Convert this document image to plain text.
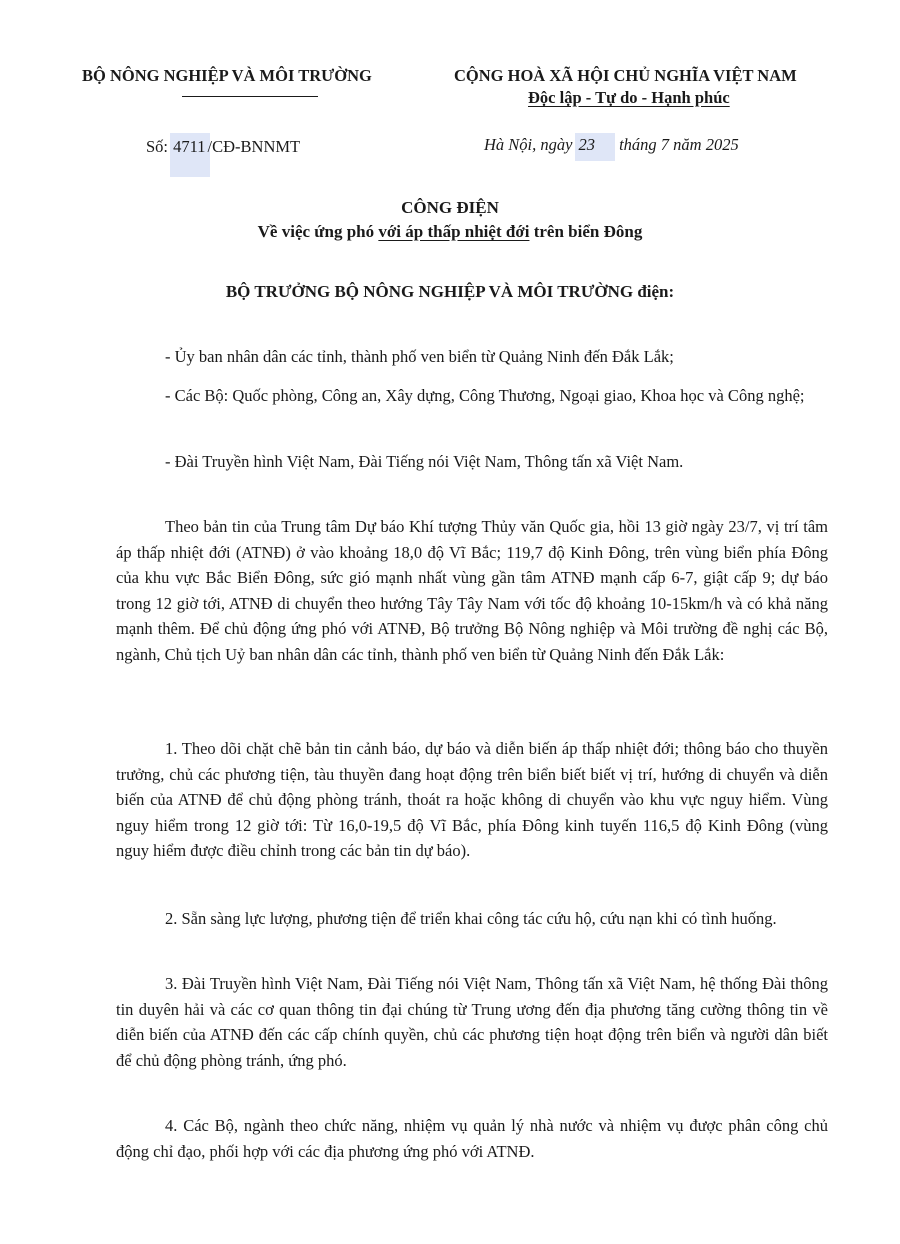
BỘ NÔNG NGHIỆP VÀ MÔI TRƯỜNG	CỘNG HOÀ XÃ HỘI CHỦ NGHĨA VIỆT NAM
Độc lập - Tự do - Hạnh phúc
Số: 4711 /CĐ-BNNMT	Hà Nội, ngày 23 tháng 7 năm 2025
CÔNG ĐIỆN
Về việc ứng phó với áp thấp nhiệt đới trên biển Đông
BỘ TRƯỞNG BỘ NÔNG NGHIỆP VÀ MÔI TRƯỜNG điện:
- Ủy ban nhân dân các tỉnh, thành phố ven biển từ Quảng Ninh đến Đắk Lắk;
- Các Bộ: Quốc phòng, Công an, Xây dựng, Công Thương, Ngoại giao, Khoa học và Công nghệ;
- Đài Truyền hình Việt Nam, Đài Tiếng nói Việt Nam, Thông tấn xã Việt Nam.
Theo bản tin của Trung tâm Dự báo Khí tượng Thủy văn Quốc gia, hồi 13 giờ ngày 23/7, vị trí tâm áp thấp nhiệt đới (ATNĐ) ở vào khoảng 18,0 độ Vĩ Bắc; 119,7 độ Kinh Đông, trên vùng biển phía Đông của khu vực Bắc Biển Đông, sức gió mạnh nhất vùng gần tâm ATNĐ mạnh cấp 6-7, giật cấp 9; dự báo trong 12 giờ tới, ATNĐ di chuyển theo hướng Tây Tây Nam với tốc độ khoảng 10-15km/h và có khả năng mạnh thêm. Để chủ động ứng phó với ATNĐ, Bộ trưởng Bộ Nông nghiệp và Môi trường đề nghị các Bộ, ngành, Chủ tịch Uỷ ban nhân dân các tỉnh, thành phố ven biển từ Quảng Ninh đến Đắk Lắk:
1. Theo dõi chặt chẽ bản tin cảnh báo, dự báo và diễn biến áp thấp nhiệt đới; thông báo cho thuyền trưởng, chủ các phương tiện, tàu thuyền đang hoạt động trên biển biết biết vị trí, hướng di chuyển và diễn biến của ATNĐ để chủ động phòng tránh, thoát ra hoặc không di chuyển vào khu vực nguy hiểm. Vùng nguy hiểm trong 12 giờ tới: Từ 16,0-19,5 độ Vĩ Bắc, phía Đông kinh tuyến 116,5 độ Kinh Đông (vùng nguy hiểm được điều chỉnh trong các bản tin dự báo).
2. Sẵn sàng lực lượng, phương tiện để triển khai công tác cứu hộ, cứu nạn khi có tình huống.
3. Đài Truyền hình Việt Nam, Đài Tiếng nói Việt Nam, Thông tấn xã Việt Nam, hệ thống Đài thông tin duyên hải và các cơ quan thông tin đại chúng từ Trung ương đến địa phương tăng cường thông tin về diễn biến của ATNĐ đến các cấp chính quyền, chủ các phương tiện hoạt động trên biển và người dân biết để chủ động phòng tránh, ứng phó.
4. Các Bộ, ngành theo chức năng, nhiệm vụ quản lý nhà nước và nhiệm vụ được phân công chủ động chỉ đạo, phối hợp với các địa phương ứng phó với ATNĐ.
